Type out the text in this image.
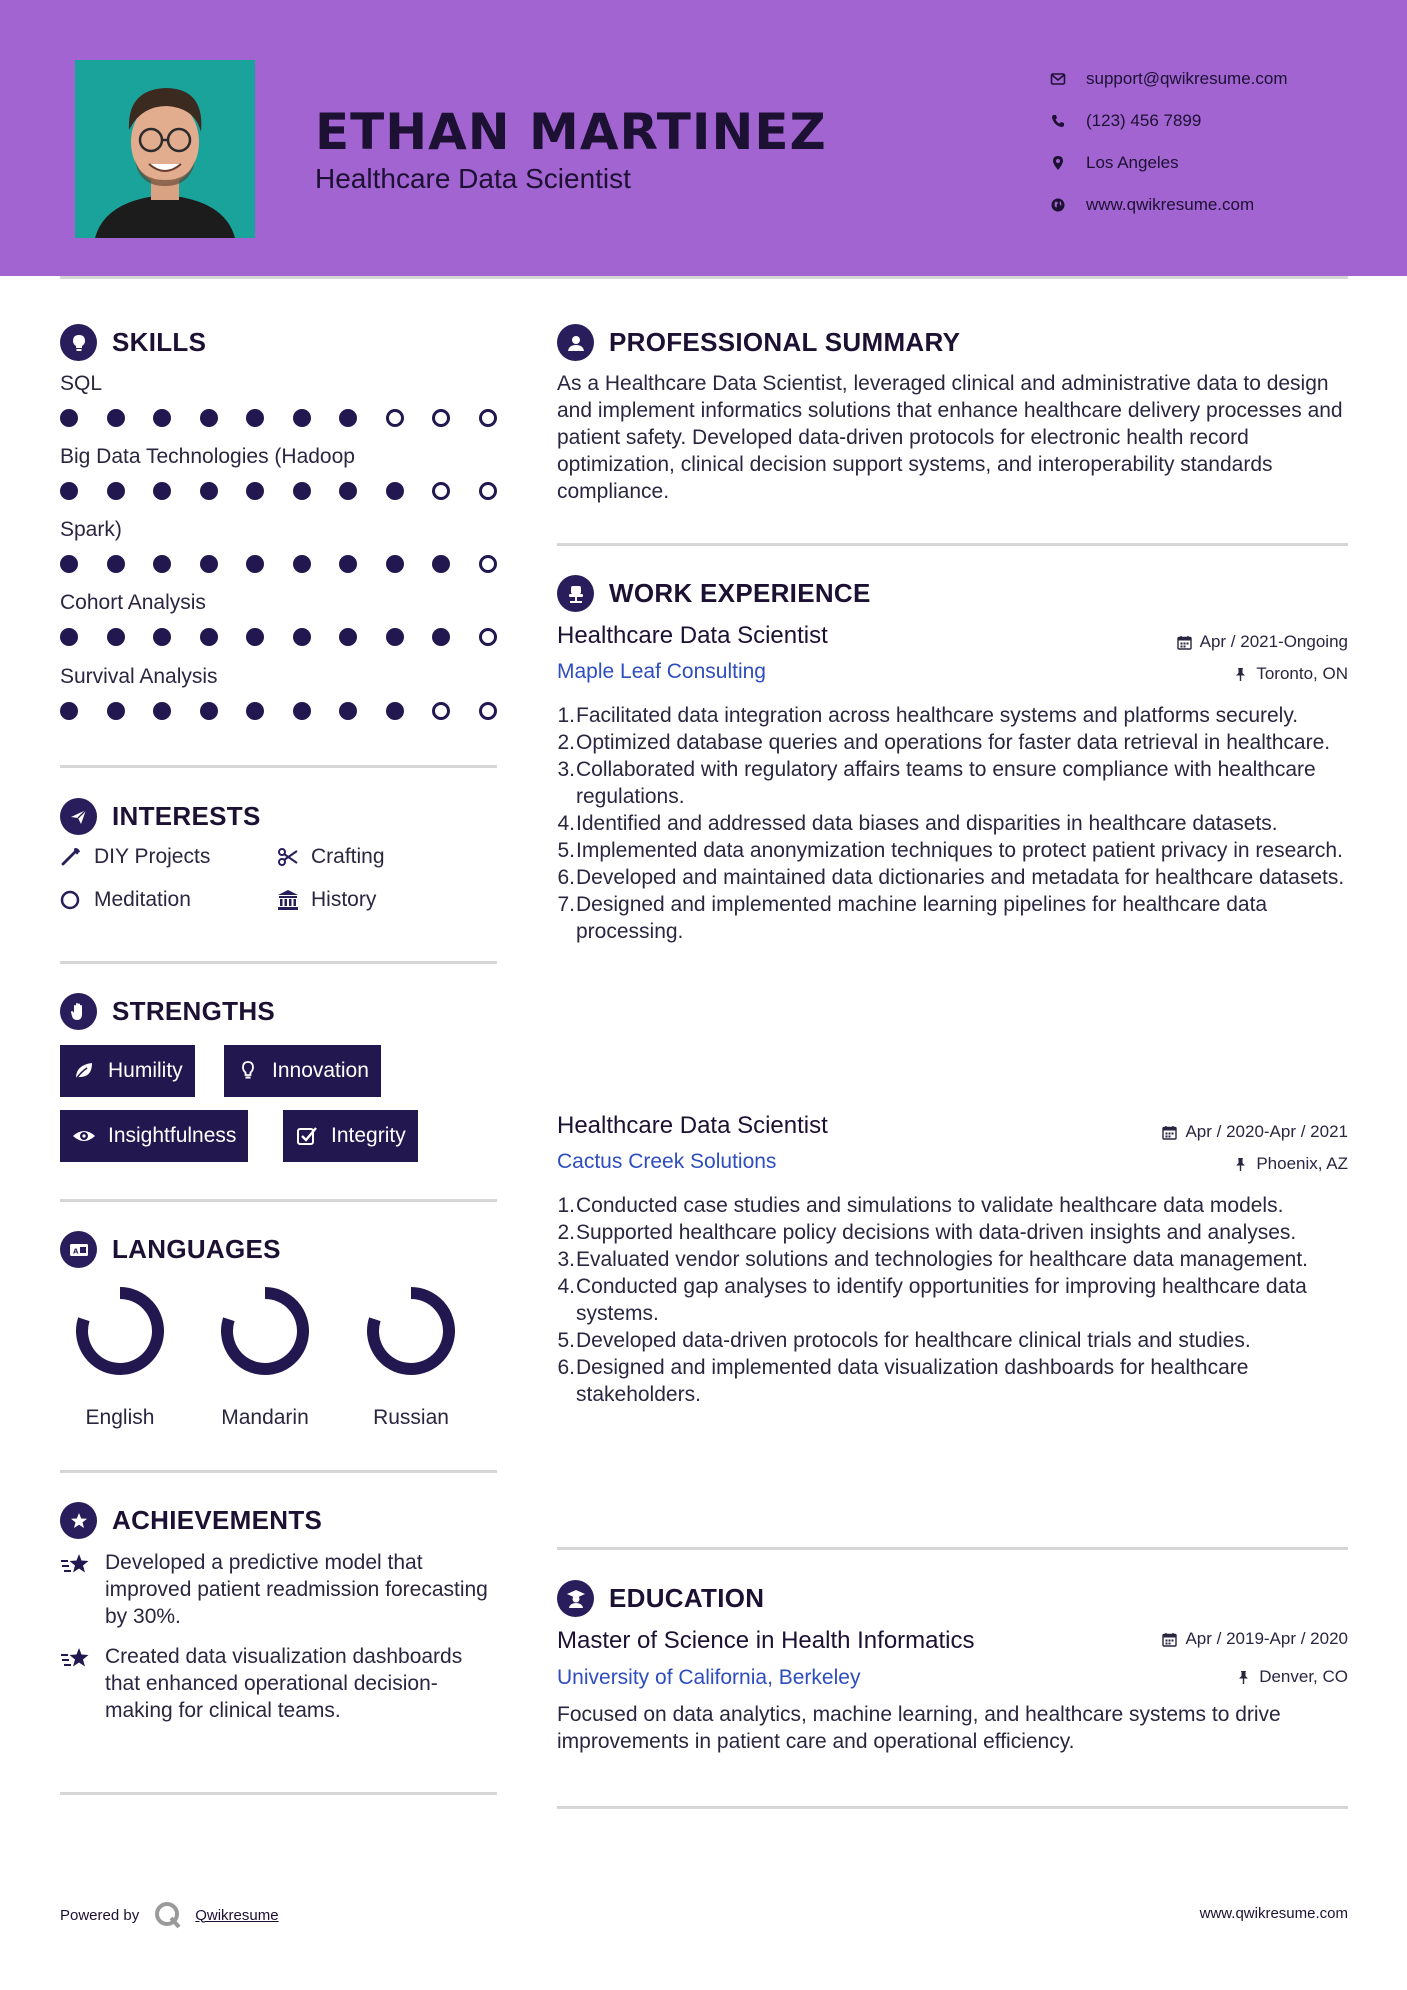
ETHAN MARTINEZ
Healthcare Data Scientist
support@qwikresume.com
(123) 456 7899
Los Angeles
www.qwikresume.com
SKILLS
SQL
Big Data Technologies (Hadoop
Spark)
Cohort Analysis
Survival Analysis
INTERESTS
DIY Projects	Crafting
Meditation	History
STRENGTHS
Humility	Innovation
Insightfulness	Integrity
A LANGUAGES
English	Mandarin	Russian
ACHIEVEMENTS
Developed a predictive model that improved patient readmission forecasting by 30%.
Created data visualization dashboards that enhanced operational decision-making for clinical teams.
PROFESSIONAL SUMMARY
As a Healthcare Data Scientist, leveraged clinical and administrative data to design and implement informatics solutions that enhance healthcare delivery processes and patient safety. Developed data-driven protocols for electronic health record optimization, clinical decision support systems, and interoperability standards compliance.
WORK EXPERIENCE
Healthcare Data Scientist	Apr / 2021-Ongoing
Maple Leaf Consulting	Toronto, ON
1. Facilitated data integration across healthcare systems and platforms securely.
2. Optimized database queries and operations for faster data retrieval in healthcare.
3. Collaborated with regulatory affairs teams to ensure compliance with healthcare regulations.
4. Identified and addressed data biases and disparities in healthcare datasets.
5. Implemented data anonymization techniques to protect patient privacy in research.
6. Developed and maintained data dictionaries and metadata for healthcare datasets.
7. Designed and implemented machine learning pipelines for healthcare data processing.
Healthcare Data Scientist	Apr / 2020-Apr / 2021
Cactus Creek Solutions	Phoenix, AZ
1. Conducted case studies and simulations to validate healthcare data models.
2. Supported healthcare policy decisions with data-driven insights and analyses.
3. Evaluated vendor solutions and technologies for healthcare data management.
4. Conducted gap analyses to identify opportunities for improving healthcare data systems.
5. Developed data-driven protocols for healthcare clinical trials and studies.
6. Designed and implemented data visualization dashboards for healthcare stakeholders.
EDUCATION
Master of Science in Health Informatics	Apr / 2019-Apr / 2020
University of California, Berkeley	Denver, CO
Focused on data analytics, machine learning, and healthcare systems to drive improvements in patient care and operational efficiency.
Powered by	Qwikresume	www.qwikresume.com
